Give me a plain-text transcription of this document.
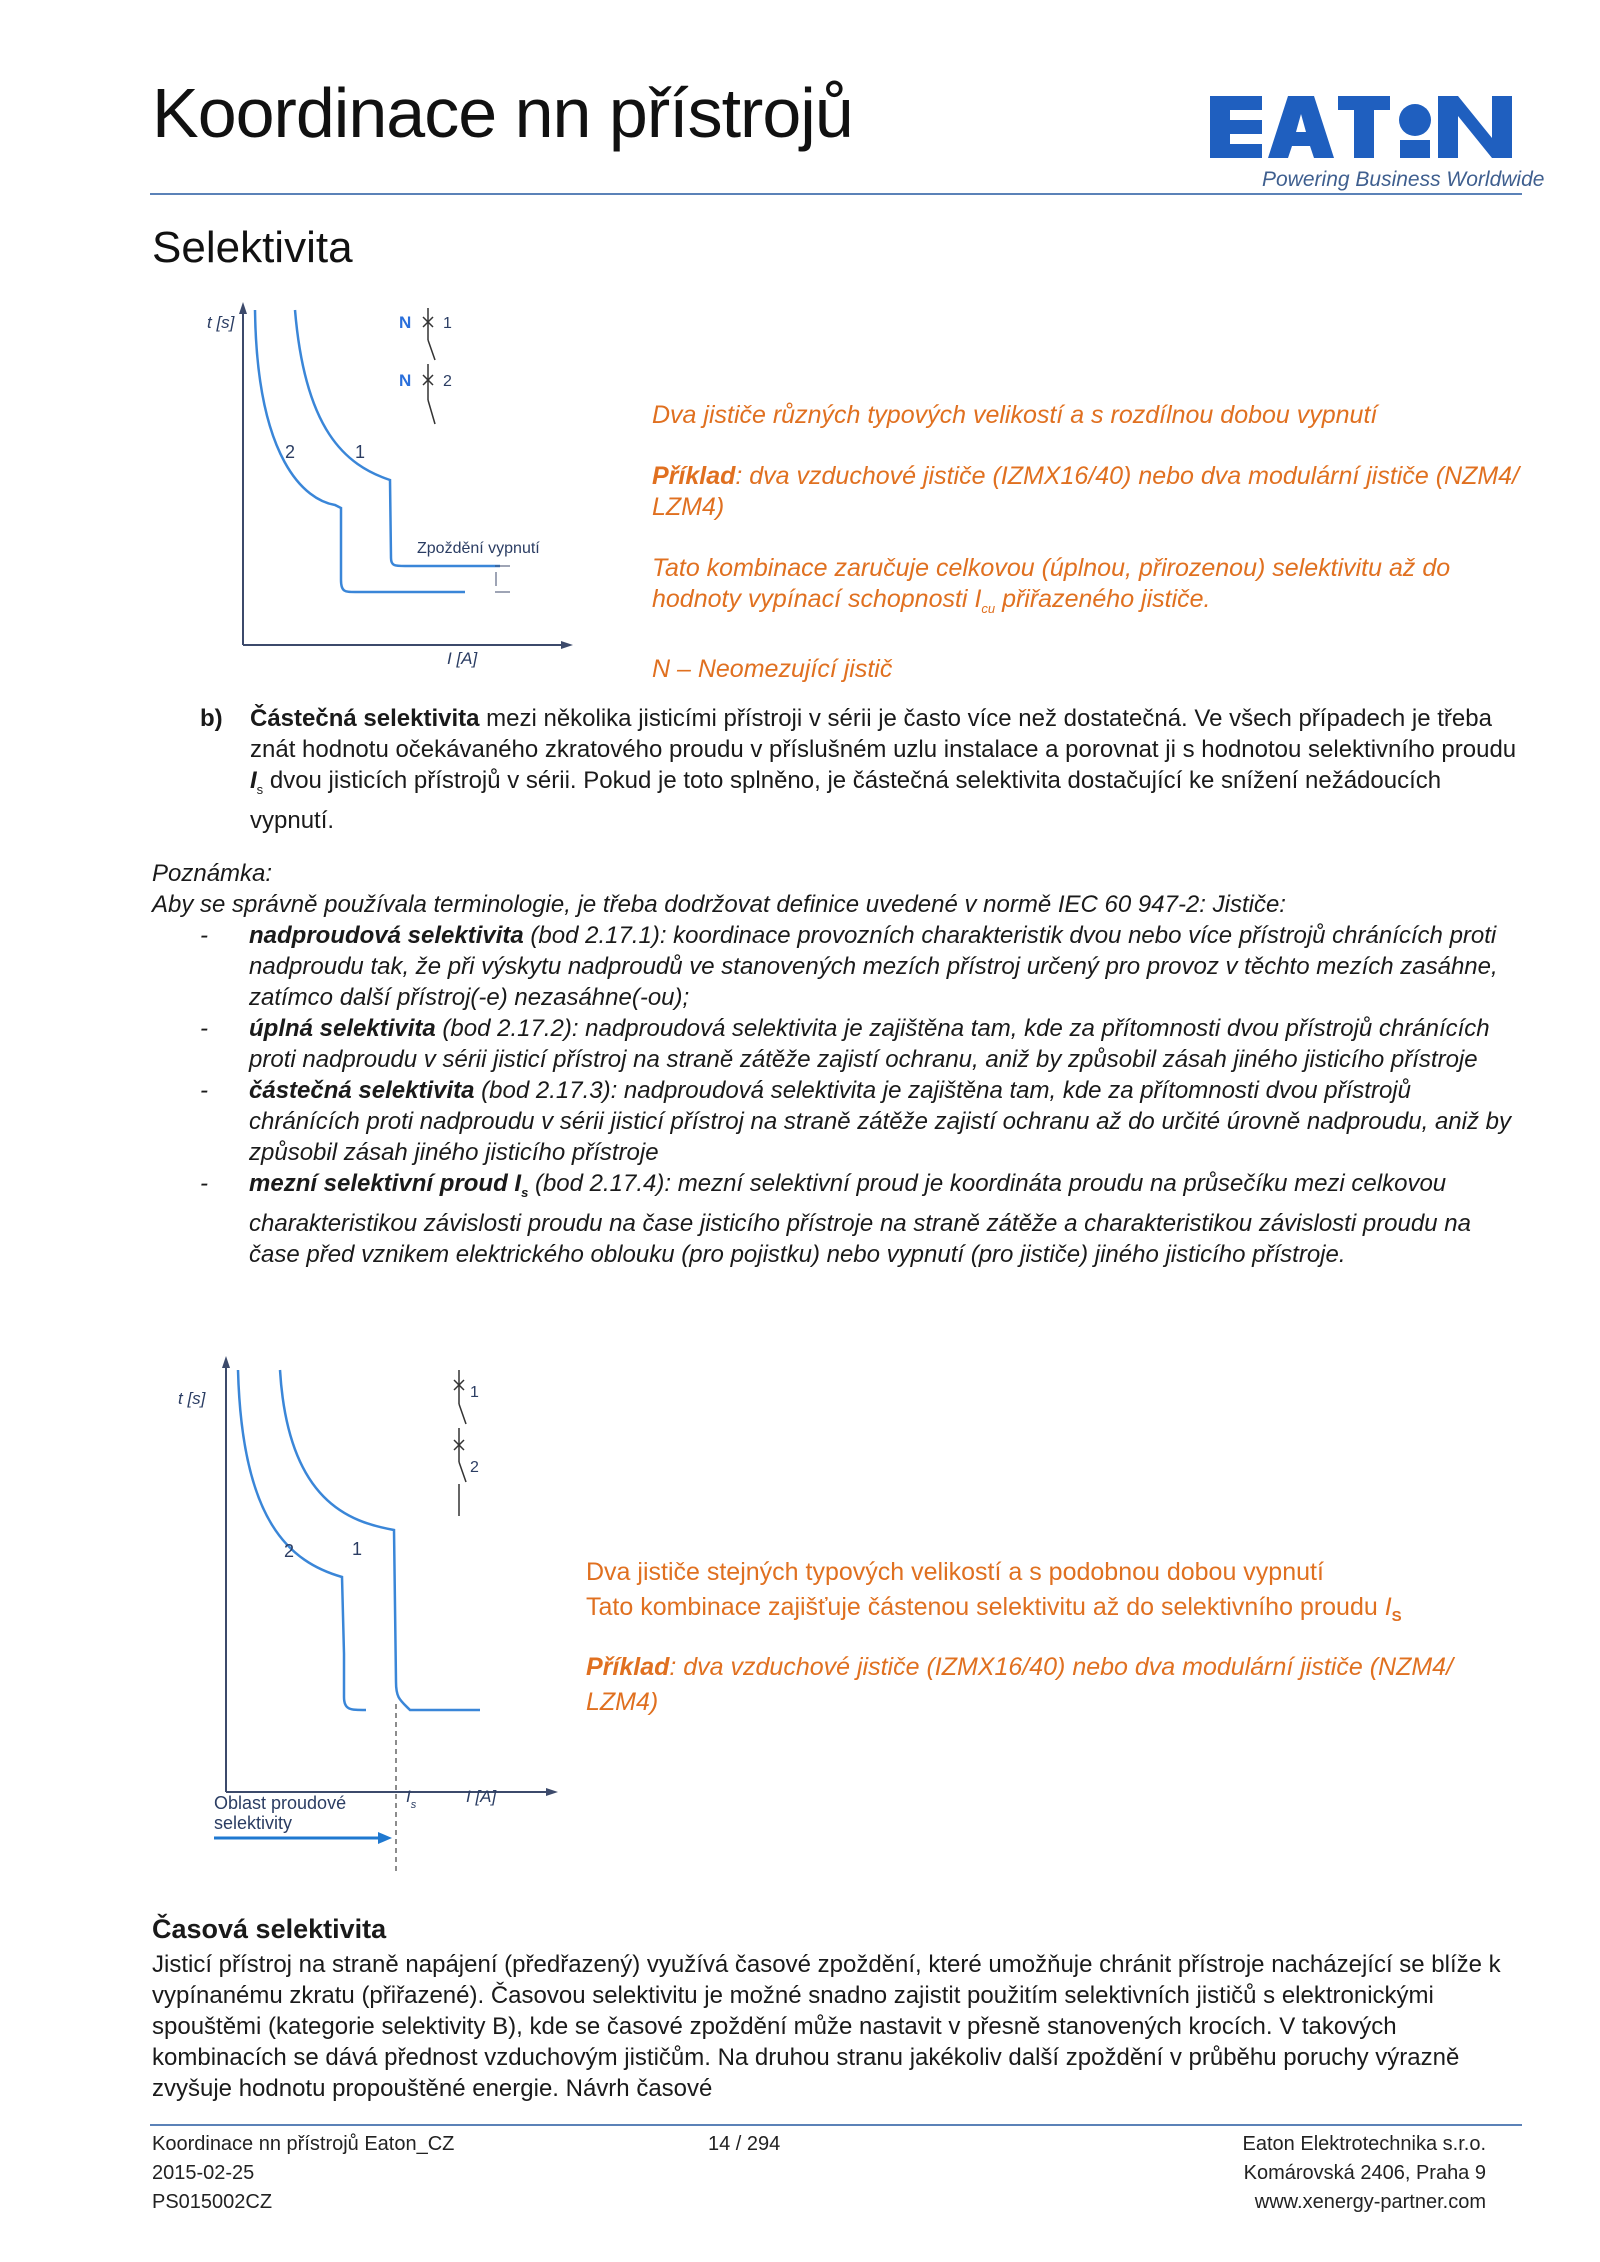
Koordinace nn přístrojů
Powering Business Worldwide
Selektivita
t [s]
I [A]
2	1
Zpoždění vypnutí
N 1
N 2
Dva jističe různých typových velikostí a s rozdílnou dobou vypnutí
Příklad: dva vzduchové jističe (IZMX16/40) nebo dva modulární jističe (NZM4/ LZM4)
Tato kombinace zaručuje celkovou (úplnou, přirozenou) selektivitu až do hodnoty vypínací schopnosti $I_{cu}$ přiřazeného jističe.
N – Neomezující jistič
b)	Částečná selektivita mezi několika jisticími přístroji v sérii je často více než dostatečná. Ve všech případech je třeba znát hodnotu očekávaného zkratového proudu v příslušném uzlu instalace a porovnat ji s hodnotou selektivního proudu $I_s$ dvou jisticích přístrojů v sérii. Pokud je toto splněno, je částečná selektivita dostačující ke snížení nežádoucích vypnutí.
Poznámka:
Aby se správně používala terminologie, je třeba dodržovat definice uvedené v normě IEC 60 947-2: Jističe:
- nadproudová selektivita (bod 2.17.1): koordinace provozních charakteristik dvou nebo více přístrojů chránících proti nadproudu tak, že při výskytu nadproudů ve stanovených mezích přístroj určený pro provoz v těchto mezích zasáhne, zatímco další přístroj(-e) nezasáhne(-ou);
- úplná selektivita (bod 2.17.2): nadproudová selektivita je zajištěna tam, kde za přítomnosti dvou přístrojů chránících proti nadproudu v sérii jisticí přístroj na straně zátěže zajistí ochranu, aniž by způsobil zásah jiného jisticího přístroje
- částečná selektivita (bod 2.17.3): nadproudová selektivita je zajištěna tam, kde za přítomnosti dvou přístrojů chránících proti nadproudu v sérii jisticí přístroj na straně zátěže zajistí ochranu až do určité úrovně nadproudu, aniž by způsobil zásah jiného jisticího přístroje
- mezní selektivní proud $I_s$ (bod 2.17.4): mezní selektivní proud je koordináta proudu na průsečíku mezi celkovou charakteristikou závislosti proudu na čase jisticího přístroje na straně zátěže a charakteristikou závislosti proudu na čase před vznikem elektrického oblouku (pro pojistku) nebo vypnutí (pro jističe) jiného jisticího přístroje.
t [s]
I [A]
2	1
$I_s$
Oblast proudové
selektivity
1
2
Dva jističe stejných typových velikostí a s podobnou dobou vypnutí
Tato kombinace zajišťuje částenou selektivitu až do selektivního proudu $I_S$
Příklad: dva vzduchové jističe (IZMX16/40) nebo dva modulární jističe (NZM4/ LZM4)
Časová selektivita
Jisticí přístroj na straně napájení (předřazený) využívá časové zpoždění, které umožňuje chránit přístroje nacházející se blíže k vypínanému zkratu (přiřazené). Časovou selektivitu je možné snadno zajistit použitím selektivních jističů s elektronickými spouštěmi (kategorie selektivity B), kde se časové zpoždění může nastavit v přesně stanovených krocích. V takových kombinacích se dává přednost vzduchovým jističům. Na druhou stranu jakékoliv další zpoždění v průběhu poruchy výrazně zvyšuje hodnotu propouštěné energie. Návrh časové
Koordinace nn přístrojů Eaton_CZ
2015-02-25
PS015002CZ
14 / 294	Eaton Elektrotechnika s.r.o.
Komárovská 2406, Praha 9
www.xenergy-partner.com
